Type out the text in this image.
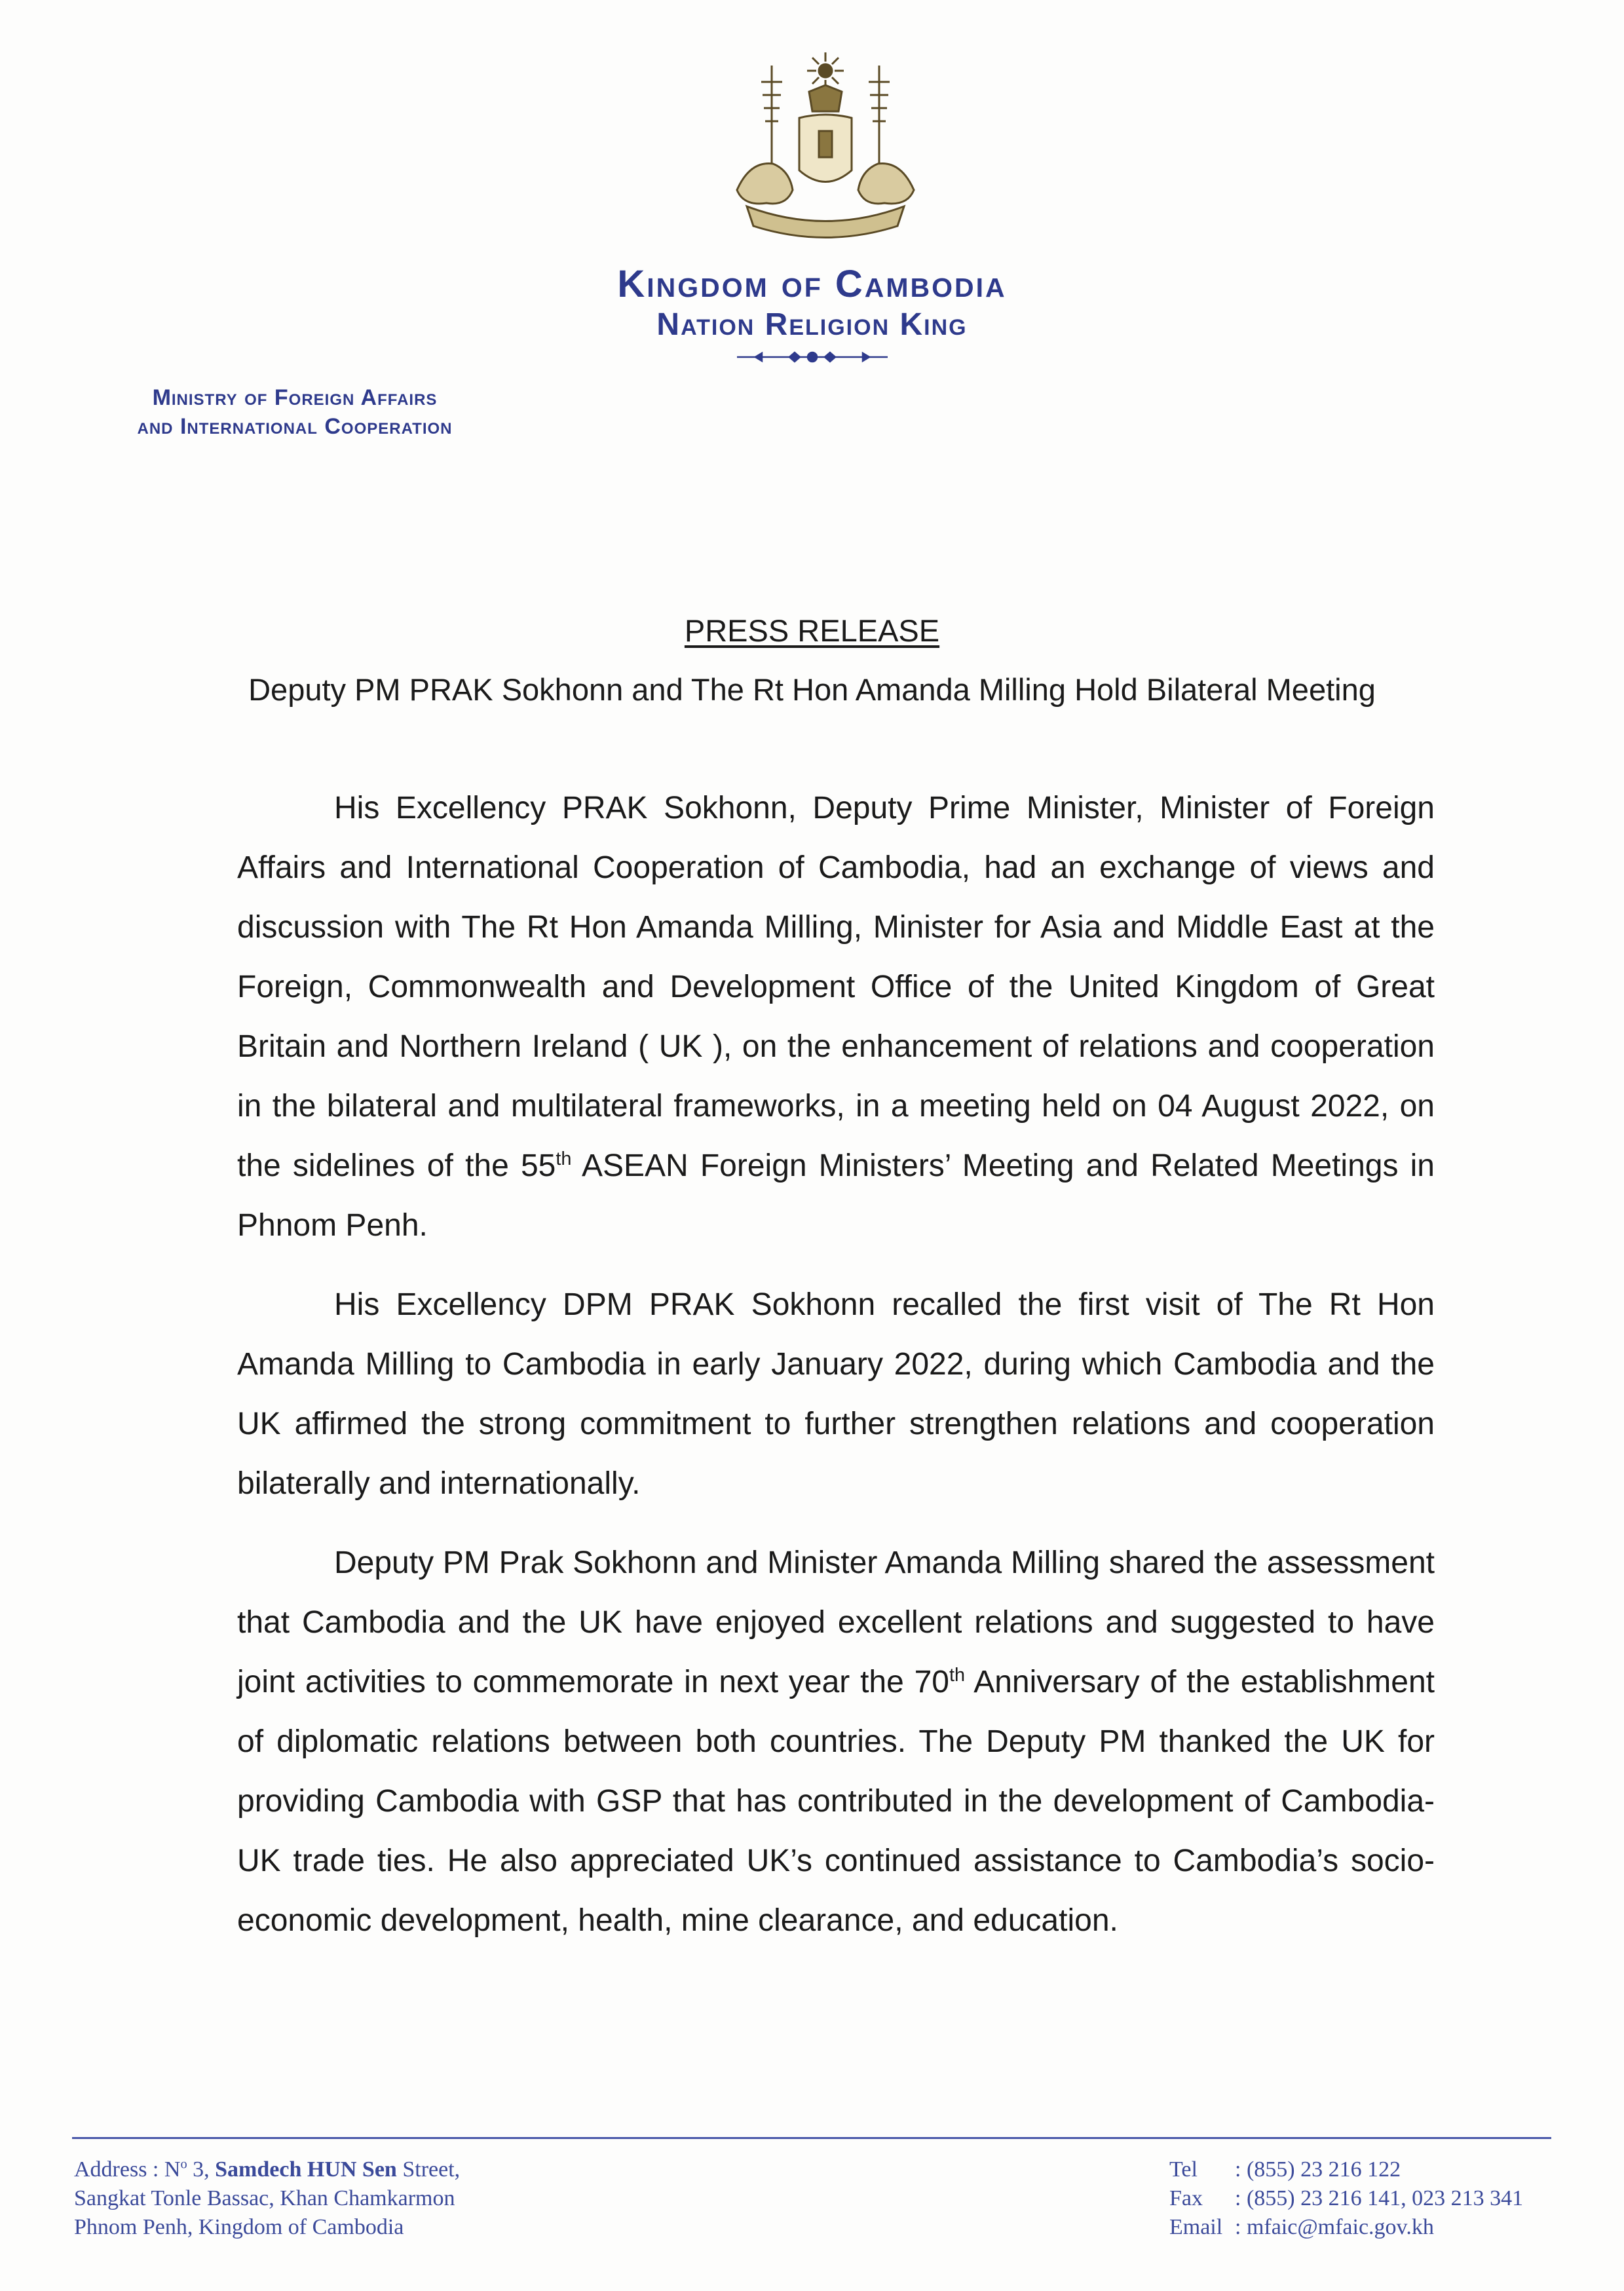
Kingdom of Cambodia
Nation Religion King
Ministry of Foreign Affairs
and International Cooperation
PRESS RELEASE
Deputy PM PRAK Sokhonn and The Rt Hon Amanda Milling Hold Bilateral Meeting

His Excellency PRAK Sokhonn, Deputy Prime Minister, Minister of Foreign Affairs and International Cooperation of Cambodia, had an exchange of views and discussion with The Rt Hon Amanda Milling, Minister for Asia and Middle East at the Foreign, Commonwealth and Development Office of the United Kingdom of Great Britain and Northern Ireland ( UK ), on the enhancement of relations and cooperation in the bilateral and multilateral frameworks, in a meeting held on 04 August 2022, on the sidelines of the 55th ASEAN Foreign Ministers’ Meeting and Related Meetings in Phnom Penh.

His Excellency DPM PRAK Sokhonn recalled the first visit of The Rt Hon Amanda Milling to Cambodia in early January 2022, during which Cambodia and the UK affirmed the strong commitment to further strengthen relations and cooperation bilaterally and internationally.

Deputy PM Prak Sokhonn and Minister Amanda Milling shared the assessment that Cambodia and the UK have enjoyed excellent relations and suggested to have joint activities to commemorate in next year the 70th Anniversary of the establishment of diplomatic relations between both countries. The Deputy PM thanked the UK for providing Cambodia with GSP that has contributed in the development of Cambodia-UK trade ties. He also appreciated UK’s continued assistance to Cambodia’s socio-economic development, health, mine clearance, and education.

Address : $N^o$ 3, Samdech HUN Sen Street,
Sangkat Tonle Bassac, Khan Chamkarmon
Phnom Penh, Kingdom of Cambodia
Tel	: (855) 23 216 122
Fax	: (855) 23 216 141, 023 213 341
Email : mfaic@mfaic.gov.kh
